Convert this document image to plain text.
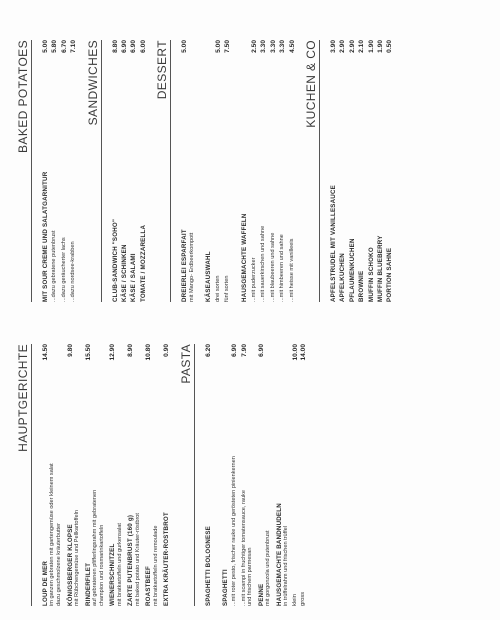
HAUPTGERICHTE
LOUP DE MER im ganzen gebraten mit gartengemüse oder kleinem salat dazu geschmolzene kräuterbutter
14.50
KÖNIGSBERGER KLOPSE mit Rübchengemüse und Pellkartoffeln
9.80
RINDERFILET auf gebratenen pfifferlingsrahm mit gebratenen champion und rosmarinkartoffeln
15.50
WIENERSCHNITZEL mit bratkartoffeln und gurkensalat
12.90
ZARTE PUTENBRUST (160 g) mit baked potato und Kräuter-röstbrot
8.90
ROASTBEEF mit bratkartoffeln und remoulade
10.80
EXTRA KRÄUTER-ROSTBROT
0.90 PASTA
SPAGHETTI BOLOGNESE
6.20
SPAGHETTI ...mit roter pesto, frischer rauke und gerösteten pinienkernen
6.90
...mit scampi in fruchtiger tomatensauce, rauke und frischem parmesan
7.90
PENNE mit gorgonzola und putenbrust
6.90
HAUSGEMACHTE BANDNUDELN in trüffelrahm und frischen trüffel klein
10.00
gross
14.00
BAKED POTATOES
MIT SOUR CREME UND SALATGARNITUR
5.00
...dazu gebratene putenbrust
5.80
...dazu geräucherter lachs
6.70
...dazu nordsee-krabben
7.10 SANDWICHES
CLUB-SANDWICH "SOHO"
8.80
KÄSE / SCHINKEN
6.90
KÄSE / SALAMI
6.90
TOMATE / MOZZARELLA
6.00 DESSERT
DREIERLEI ESPARFAIT mit Mango- Erdbeerkompott
5.00
KÄSEAUSWAHL drei sorten
5.00
fünf sorten
7.50
HAUSGEMACHTE WAFFELN ...mit puderzucker
2.50
...mit sauerkirschen und sahne
3.30
...mit blaubeeren und sahne
3.30
...mit himbeeren und sahne
3.30
...mit heisse mit vanilleeis
4.50 KUCHEN & CO
APFELSTRUDEL MIT VANILLESAUCE
3.90
APFELKUCHEN
2.90
PFLAUMENKUCHEN
2.90
BROWNIE
2.10
MUFFIN SCHOKO
1.90
MUFFIN BLUEBERRY
1.90
PORTION SAHNE
0.50
